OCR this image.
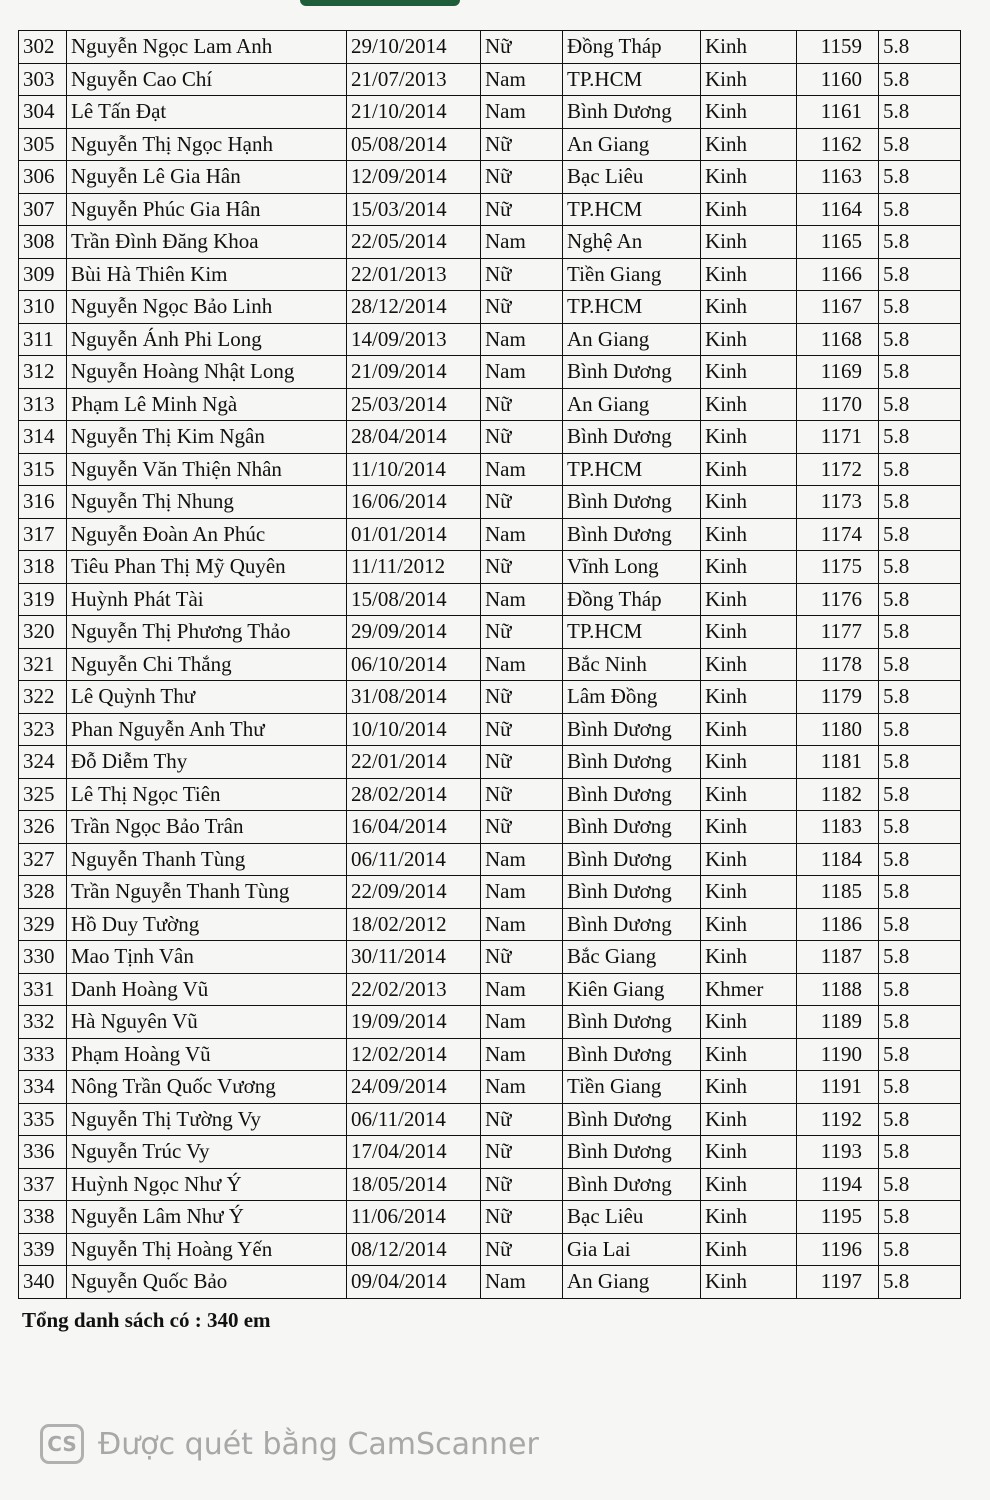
302	Nguyễn Ngọc Lam Anh	29/10/2014	Nữ	Đồng Tháp	Kinh	1159	5.8
303	Nguyễn Cao Chí	21/07/2013	Nam	TP.HCM	Kinh	1160	5.8
304	Lê Tấn Đạt	21/10/2014	Nam	Bình Dương	Kinh	1161	5.8
305	Nguyễn Thị Ngọc Hạnh	05/08/2014	Nữ	An Giang	Kinh	1162	5.8
306	Nguyễn Lê Gia Hân	12/09/2014	Nữ	Bạc Liêu	Kinh	1163	5.8
307	Nguyễn Phúc Gia Hân	15/03/2014	Nữ	TP.HCM	Kinh	1164	5.8
308	Trần Đình Đăng Khoa	22/05/2014	Nam	Nghệ An	Kinh	1165	5.8
309	Bùi Hà Thiên Kim	22/01/2013	Nữ	Tiền Giang	Kinh	1166	5.8
310	Nguyễn Ngọc Bảo Linh	28/12/2014	Nữ	TP.HCM	Kinh	1167	5.8
311	Nguyễn Ánh Phi Long	14/09/2013	Nam	An Giang	Kinh	1168	5.8
312	Nguyễn Hoàng Nhật Long	21/09/2014	Nam	Bình Dương	Kinh	1169	5.8
313	Phạm Lê Minh Ngà	25/03/2014	Nữ	An Giang	Kinh	1170	5.8
314	Nguyễn Thị Kim Ngân	28/04/2014	Nữ	Bình Dương	Kinh	1171	5.8
315	Nguyễn Văn Thiện Nhân	11/10/2014	Nam	TP.HCM	Kinh	1172	5.8
316	Nguyễn Thị Nhung	16/06/2014	Nữ	Bình Dương	Kinh	1173	5.8
317	Nguyễn Đoàn An Phúc	01/01/2014	Nam	Bình Dương	Kinh	1174	5.8
318	Tiêu Phan Thị Mỹ Quyên	11/11/2012	Nữ	Vĩnh Long	Kinh	1175	5.8
319	Huỳnh Phát Tài	15/08/2014	Nam	Đồng Tháp	Kinh	1176	5.8
320	Nguyễn Thị Phương Thảo	29/09/2014	Nữ	TP.HCM	Kinh	1177	5.8
321	Nguyễn Chi Thắng	06/10/2014	Nam	Bắc Ninh	Kinh	1178	5.8
322	Lê Quỳnh Thư	31/08/2014	Nữ	Lâm Đồng	Kinh	1179	5.8
323	Phan Nguyễn Anh Thư	10/10/2014	Nữ	Bình Dương	Kinh	1180	5.8
324	Đỗ Diễm Thy	22/01/2014	Nữ	Bình Dương	Kinh	1181	5.8
325	Lê Thị Ngọc Tiên	28/02/2014	Nữ	Bình Dương	Kinh	1182	5.8
326	Trần Ngọc Bảo Trân	16/04/2014	Nữ	Bình Dương	Kinh	1183	5.8
327	Nguyễn Thanh Tùng	06/11/2014	Nam	Bình Dương	Kinh	1184	5.8
328	Trần Nguyễn Thanh Tùng	22/09/2014	Nam	Bình Dương	Kinh	1185	5.8
329	Hồ Duy Tường	18/02/2012	Nam	Bình Dương	Kinh	1186	5.8
330	Mao Tịnh Vân	30/11/2014	Nữ	Bắc Giang	Kinh	1187	5.8
331	Danh Hoàng Vũ	22/02/2013	Nam	Kiên Giang	Khmer	1188	5.8
332	Hà Nguyên Vũ	19/09/2014	Nam	Bình Dương	Kinh	1189	5.8
333	Phạm Hoàng Vũ	12/02/2014	Nam	Bình Dương	Kinh	1190	5.8
334	Nông Trần Quốc Vương	24/09/2014	Nam	Tiền Giang	Kinh	1191	5.8
335	Nguyễn Thị Tường Vy	06/11/2014	Nữ	Bình Dương	Kinh	1192	5.8
336	Nguyễn Trúc Vy	17/04/2014	Nữ	Bình Dương	Kinh	1193	5.8
337	Huỳnh Ngọc Như Ý	18/05/2014	Nữ	Bình Dương	Kinh	1194	5.8
338	Nguyễn Lâm Như Ý	11/06/2014	Nữ	Bạc Liêu	Kinh	1195	5.8
339	Nguyễn Thị Hoàng Yến	08/12/2014	Nữ	Gia Lai	Kinh	1196	5.8
340	Nguyễn Quốc Bảo	09/04/2014	Nam	An Giang	Kinh	1197	5.8
Tổng danh sách có : 340 em
CS Được quét bằng CamScanner
